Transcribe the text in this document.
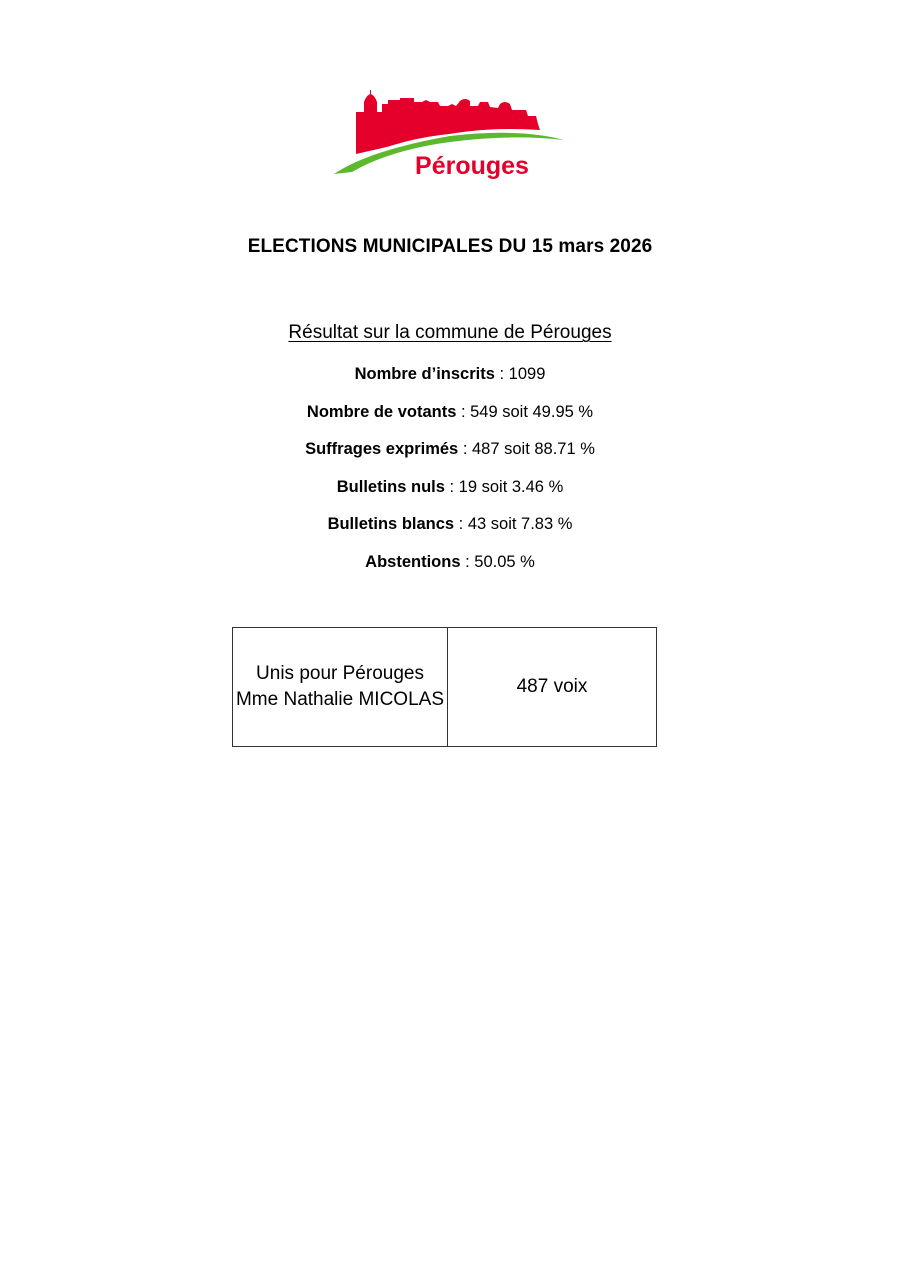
Pérouges
ELECTIONS MUNICIPALES DU 15 mars 2026
Résultat sur la commune de Pérouges
Nombre d’inscrits : 1099
Nombre de votants : 549 soit 49.95 %
Suffrages exprimés : 487 soit 88.71 %
Bulletins nuls : 19 soit 3.46 %
Bulletins blancs : 43 soit 7.83 %
Abstentions : 50.05 %
Unis pour Pérouges
Mme Nathalie MICOLAS
	487 voix
